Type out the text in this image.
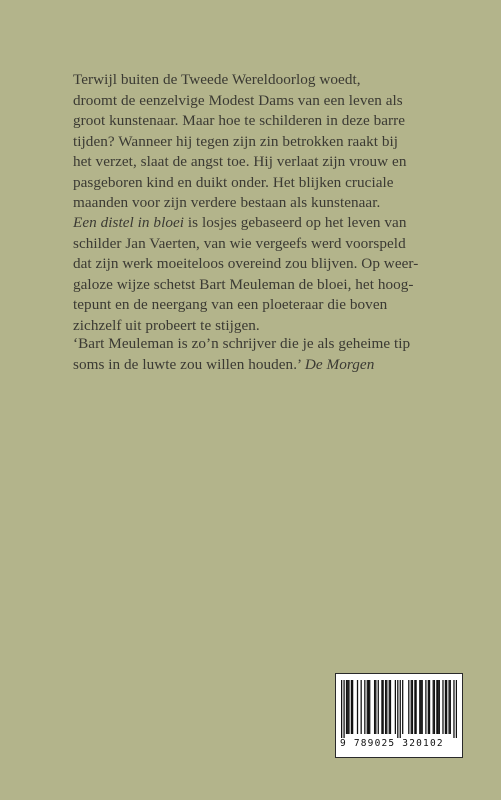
Terwijl buiten de Tweede Wereldoorlog woedt,
droomt de eenzelvige Modest Dams van een leven als
groot kunstenaar. Maar hoe te schilderen in deze barre
tijden? Wanneer hij tegen zijn zin betrokken raakt bij
het verzet, slaat de angst toe. Hij verlaat zijn vrouw en
pasgeboren kind en duikt onder. Het blijken cruciale
maanden voor zijn verdere bestaan als kunstenaar.
Een distel in bloei is losjes gebaseerd op het leven van
schilder Jan Vaerten, van wie vergeefs werd voorspeld
dat zijn werk moeiteloos overeind zou blijven. Op weer-
galoze wijze schetst Bart Meuleman de bloei, het hoog-
tepunt en de neergang van een ploeteraar die boven
zichzelf uit probeert te stijgen.
‘Bart Meuleman is zo’n schrijver die je als geheime tip
soms in de luwte zou willen houden.’ De Morgen
9 789025 320102
